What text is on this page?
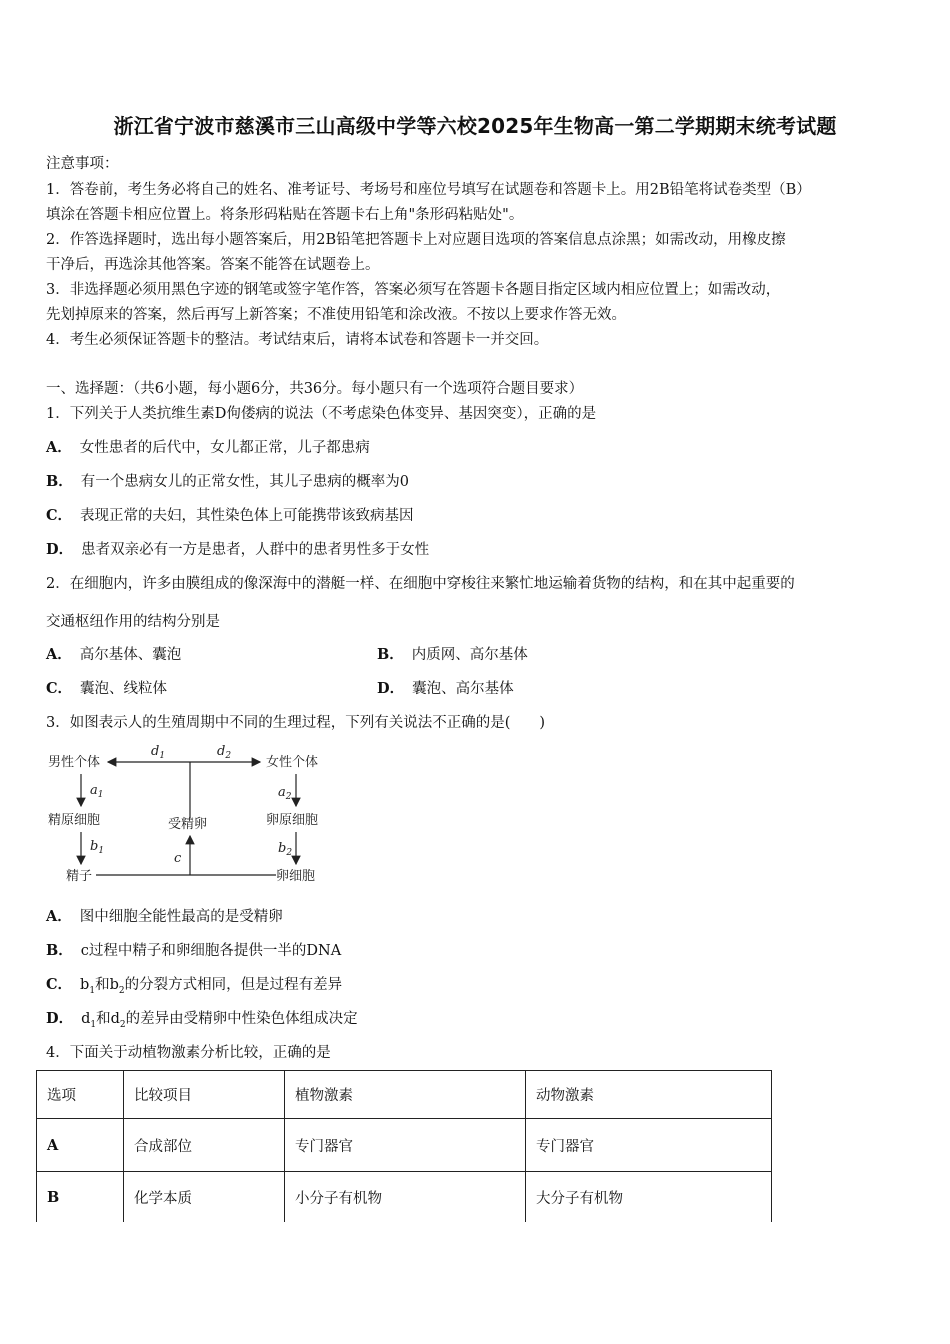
浙江省宁波市慈溪市三山高级中学等六校2025年生物高一第二学期期末统考试题
注意事项：
1．答卷前，考生务必将自己的姓名、准考证号、考场号和座位号填写在试题卷和答题卡上。用2B铅笔将试卷类型（B）
填涂在答题卡相应位置上。将条形码粘贴在答题卡右上角"条形码粘贴处"。
2．作答选择题时，选出每小题答案后，用2B铅笔把答题卡上对应题目选项的答案信息点涂黑；如需改动，用橡皮擦
干净后，再选涂其他答案。答案不能答在试题卷上。
3．非选择题必须用黑色字迹的钢笔或签字笔作答，答案必须写在答题卡各题目指定区域内相应位置上；如需改动，
先划掉原来的答案，然后再写上新答案；不准使用铅笔和涂改液。不按以上要求作答无效。
4．考生必须保证答题卡的整洁。考试结束后，请将本试卷和答题卡一并交回。
一、选择题：（共6小题，每小题6分，共36分。每小题只有一个选项符合题目要求）
1．下列关于人类抗维生素D佝偻病的说法（不考虑染色体变异、基因突变），正确的是
A． 女性患者的后代中，女儿都正常，儿子都患病
B． 有一个患病女儿的正常女性，其儿子患病的概率为0
C． 表现正常的夫妇，其性染色体上可能携带该致病基因
D． 患者双亲必有一方是患者，人群中的患者男性多于女性
2．在细胞内，许多由膜组成的像深海中的潜艇一样、在细胞中穿梭往来繁忙地运输着货物的结构，和在其中起重要的
交通枢纽作用的结构分别是
A． 高尔基体、囊泡	B． 内质网、高尔基体
C． 囊泡、线粒体	D． 囊泡、高尔基体
3．如图表示人的生殖周期中不同的生理过程，下列有关说法不正确的是(　　)
$d_1$	$d_2$
男性个体	女性个体
$a_1$
精原细胞
$b_1$
精子
$a_2$
卵原细胞
$b_2$
卵细胞
受精卵
c
A． 图中细胞全能性最高的是受精卵
B． c过程中精子和卵细胞各提供一半的DNA
C． $b_1$和$b_2$的分裂方式相同，但是过程有差异
D． $d_1$和$d_2$的差异由受精卵中性染色体组成决定
4．下面关于动植物激素分析比较，正确的是
选项	比较项目	植物激素	动物激素
A	合成部位	专门器官	专门器官
B	化学本质	小分子有机物	大分子有机物
